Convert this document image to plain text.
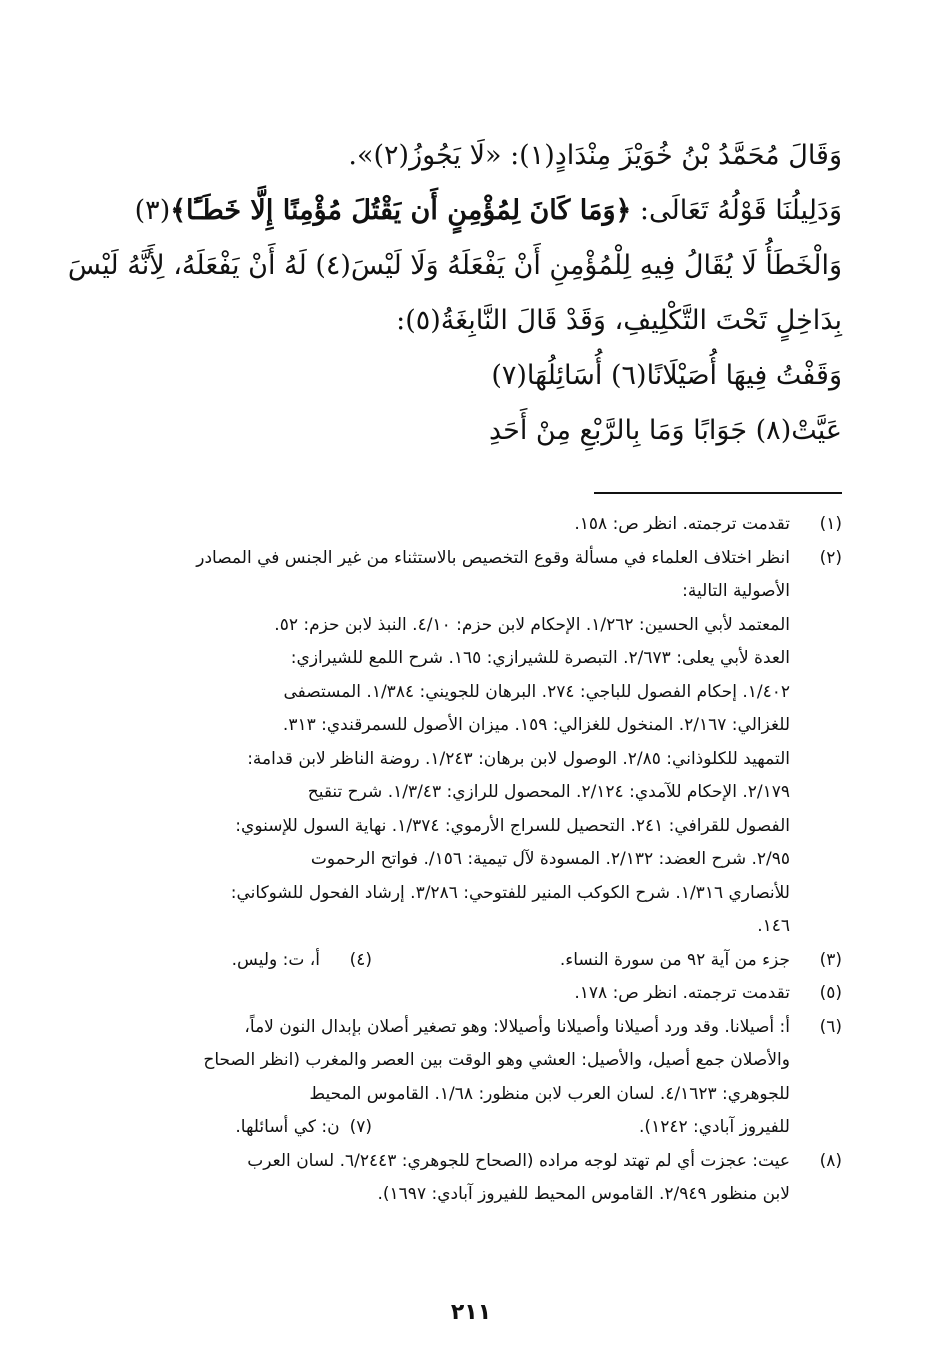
وَقَالَ مُحَمَّدُ بْنُ خُوَيْزَ مِنْدَادٍ(١): «لَا يَجُوزُ(٢)».
وَدَلِيلُنَا قَوْلُهُ تَعَالَى: ﴿وَمَا كَانَ لِمُؤْمِنٍ أَن يَقْتُلَ مُؤْمِنًا إِلَّا خَطَـًٔا﴾(٣)
وَالْخَطَأُ لَا يُقَالُ فِيهِ لِلْمُؤْمِنِ أَنْ يَفْعَلَهُ وَلَا لَيْسَ(٤) لَهُ أَنْ يَفْعَلَهُ، لِأَنَّهُ لَيْسَ
بِدَاخِلٍ تَحْتَ التَّكْلِيفِ، وَقَدْ قَالَ النَّابِغَةُ(٥):
وَقَفْتُ فِيهَا أُصَيْلَانًا(٦) أُسَائِلُهَا(٧)
عَيَّتْ(٨) جَوَابًا وَمَا بِالرَّبْعِ مِنْ أَحَدِ
(١)
تقدمت ترجمته. انظر ص: ١٥٨.
(٢)
انظر اختلاف العلماء في مسألة وقوع التخصيص بالاستثناء من غير الجنس في المصادر
الأصولية التالية:
المعتمد لأبي الحسين: ١/٢٦٢. الإحكام لابن حزم: ٤/١٠. النبذ لابن حزم: ٥٢.
العدة لأبي يعلى: ٢/٦٧٣. التبصرة للشيرازي: ١٦٥. شرح اللمع للشيرازي:
١/٤٠٢. إحكام الفصول للباجي: ٢٧٤. البرهان للجويني: ١/٣٨٤. المستصفى
للغزالي: ٢/١٦٧. المنخول للغزالي: ١٥٩. ميزان الأصول للسمرقندي: ٣١٣.
التمهيد للكلوذاني: ٢/٨٥. الوصول لابن برهان: ١/٢٤٣. روضة الناظر لابن قدامة:
٢/١٧٩. الإحكام للآمدي: ٢/١٢٤. المحصول للرازي: ١/٣/٤٣. شرح تنقيح
الفصول للقرافي: ٢٤١. التحصيل للسراج الأرموي: ١/٣٧٤. نهاية السول للإسنوي:
٢/٩٥. شرح العضد: ٢/١٣٢. المسودة لآل تيمية: ١٥٦/. فواتح الرحموت
للأنصاري ١/٣١٦. شرح الكوكب المنير للفتوحي: ٣/٢٨٦. إرشاد الفحول للشوكاني:
١٤٦.
(٣)
جزء من آية ٩٢ من سورة النساء.
(٤)
أ، ت: وليس.
(٥)
تقدمت ترجمته. انظر ص: ١٧٨.
(٦)
أ: أصيلانا. وقد ورد أصيلانا وأصيلانا وأصيلالا: وهو تصغير أصلان بإبدال النون لاماً،
والأصلان جمع أصيل، والأصيل: العشي وهو الوقت بين العصر والمغرب (انظر الصحاح
للجوهري: ٤/١٦٢٣. لسان العرب لابن منظور: ١/٦٨. القاموس المحيط
للفيروز آبادي: ١٢٤٢).
(٧)
ن: كي أسائلها.
(٨)
عيت: عجزت أي لم تهتد لوجه مراده (الصحاح للجوهري: ٦/٢٤٤٣. لسان العرب
لابن منظور ٢/٩٤٩. القاموس المحيط للفيروز آبادي: ١٦٩٧).
٢١١
